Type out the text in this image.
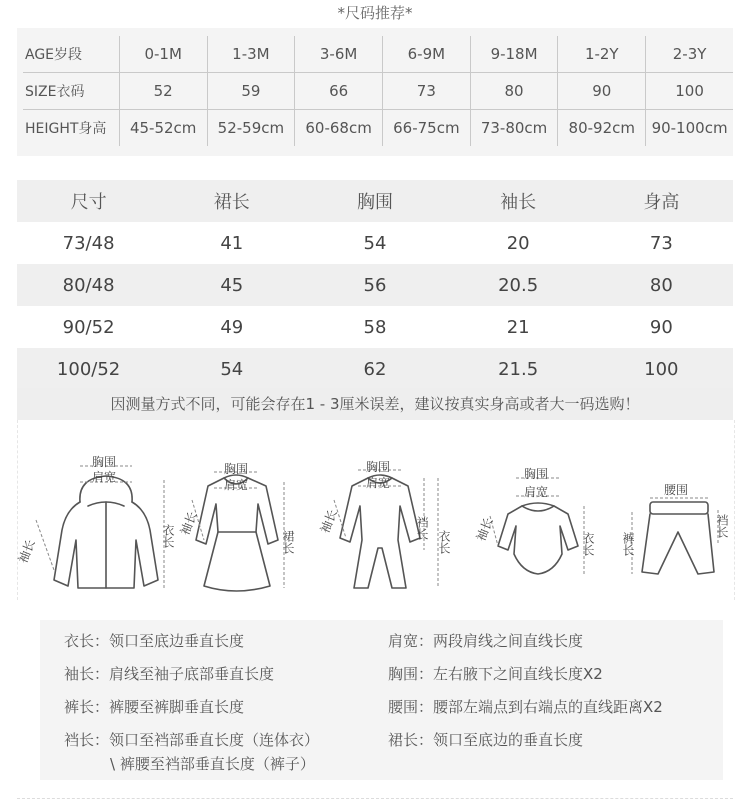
*尺码推荐*
AGE岁段	0-1M	1-3M	3-6M	6-9M	9-18M	1-2Y	2-3Y
SIZE衣码	52	59	66	73	80	90	100
HEIGHT身高	45-52cm	52-59cm	60-68cm	66-75cm	73-80cm	80-92cm	90-100cm
尺寸	裙长	胸围	袖长	身高
73/48	41	54	20	73
80/48	45	56	20.5	80
90/52	49	58	21	90
100/52	54	62	21.5	100
因测量方式不同，可能会存在1 - 3厘米误差，建议按真实身高或者大一码选购！
胸围
肩宽
衣长
袖长
胸围
肩宽
裙长
袖长
胸围
肩宽
裆长
衣长
袖长
胸围
肩宽
衣长
袖长
腰围
裤长
裆长
衣长：领口至底边垂直长度
袖长：肩线至袖子底部垂直长度
裤长：裤腰至裤脚垂直长度
裆长：领口至裆部垂直长度（连体衣）
\ 裤腰至裆部垂直长度（裤子）
肩宽：两段肩线之间直线长度
胸围：左右腋下之间直线长度X2
腰围：腰部左端点到右端点的直线距离X2
裙长：领口至底边的垂直长度
